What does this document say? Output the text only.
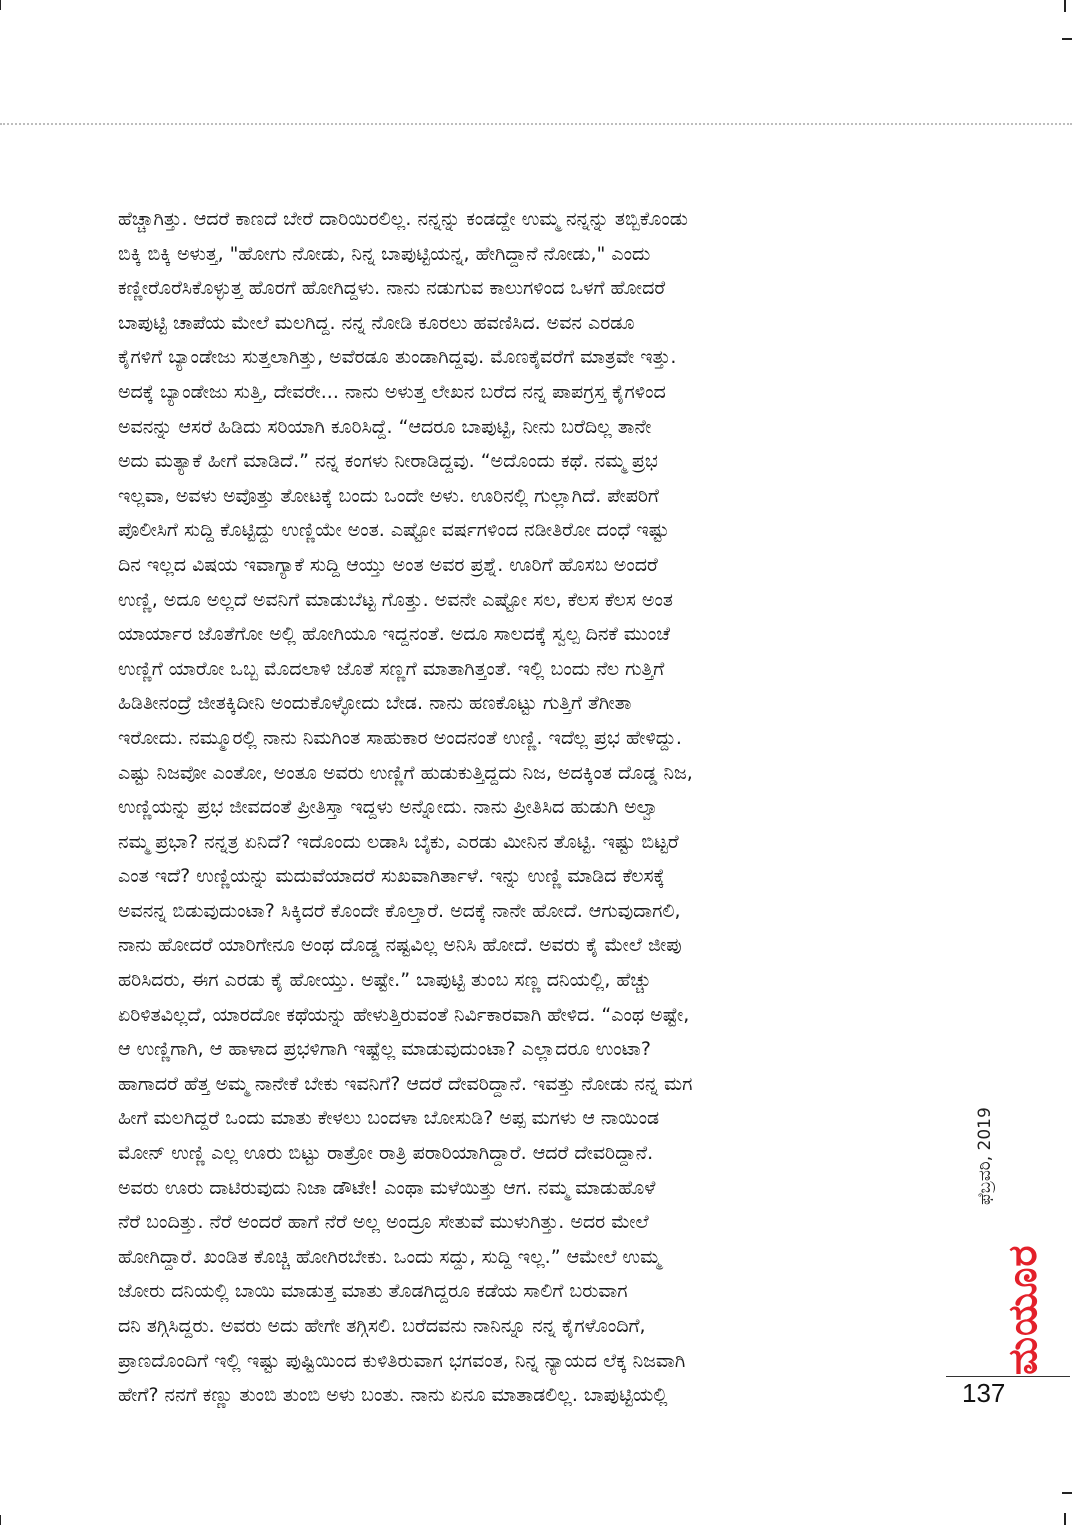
ಹೆಚ್ಚಾಗಿತ್ತು. ಆದರೆ ಕಾಣದೆ ಬೇರೆ ದಾರಿಯಿರಲಿಲ್ಲ. ನನ್ನನ್ನು ಕಂಡದ್ದೇ ಉಮ್ಮ ನನ್ನನ್ನು ತಬ್ಬಿಕೊಂಡು
ಬಿಕ್ಕಿ ಬಿಕ್ಕಿ ಅಳುತ್ತ, "ಹೋಗು ನೋಡು, ನಿನ್ನ ಬಾಪುಟ್ಟಿಯನ್ನ, ಹೇಗಿದ್ದಾನೆ ನೋಡು," ಎಂದು
ಕಣ್ಣೀರೊರೆಸಿಕೊಳ್ಳುತ್ತ ಹೊರಗೆ ಹೋಗಿದ್ದಳು. ನಾನು ನಡುಗುವ ಕಾಲುಗಳಿಂದ ಒಳಗೆ ಹೋದರೆ
ಬಾಪುಟ್ಟಿ ಚಾಪೆಯ ಮೇಲೆ ಮಲಗಿದ್ದ. ನನ್ನ ನೋಡಿ ಕೂರಲು ಹವಣಿಸಿದ. ಅವನ ಎರಡೂ
ಕೈಗಳಿಗೆ ಬ್ಯಾಂಡೇಜು ಸುತ್ತಲಾಗಿತ್ತು, ಅವೆರಡೂ ತುಂಡಾಗಿದ್ದವು. ಮೊಣಕೈವರೆಗೆ ಮಾತ್ರವೇ ಇತ್ತು.
ಅದಕ್ಕೆ ಬ್ಯಾಂಡೇಜು ಸುತ್ತಿ, ದೇವರೇ... ನಾನು ಅಳುತ್ತ ಲೇಖನ ಬರೆದ ನನ್ನ ಪಾಪಗ್ರಸ್ತ ಕೈಗಳಿಂದ
ಅವನನ್ನು ಆಸರೆ ಹಿಡಿದು ಸರಿಯಾಗಿ ಕೂರಿಸಿದ್ದೆ. “ಆದರೂ ಬಾಪುಟ್ಟಿ, ನೀನು ಬರೆದಿಲ್ಲ ತಾನೇ
ಅದು ಮತ್ಯಾಕೆ ಹೀಗೆ ಮಾಡಿದೆ.” ನನ್ನ ಕಂಗಳು ನೀರಾಡಿದ್ದವು. “ಅದೊಂದು ಕಥೆ. ನಮ್ಮ ಪ್ರಭ
ಇಲ್ಲವಾ, ಅವಳು ಅವೊತ್ತು ತೋಟಕ್ಕೆ ಬಂದು ಒಂದೇ ಅಳು. ಊರಿನಲ್ಲಿ ಗುಲ್ಲಾಗಿದೆ. ಪೇಪರಿಗೆ
ಪೊಲೀಸಿಗೆ ಸುದ್ದಿ ಕೊಟ್ಟಿದ್ದು ಉಣ್ಣಿಯೇ ಅಂತ. ಎಷ್ಟೋ ವರ್ಷಗಳಿಂದ ನಡೀತಿರೋ ದಂಧೆ ಇಷ್ಟು
ದಿನ ಇಲ್ಲದ ವಿಷಯ ಇವಾಗ್ಯಾಕೆ ಸುದ್ದಿ ಆಯ್ತು ಅಂತ ಅವರ ಪ್ರಶ್ನೆ. ಊರಿಗೆ ಹೊಸಬ ಅಂದರೆ
ಉಣ್ಣಿ, ಅದೂ ಅಲ್ಲದೆ ಅವನಿಗೆ ಮಾಡುಬೆಟ್ಟ ಗೊತ್ತು. ಅವನೇ ಎಷ್ಟೋ ಸಲ, ಕೆಲಸ ಕೆಲಸ ಅಂತ
ಯಾರ್ಯಾರ ಜೊತೆಗೋ ಅಲ್ಲಿ ಹೋಗಿಯೂ ಇದ್ದನಂತೆ. ಅದೂ ಸಾಲದಕ್ಕೆ ಸ್ವಲ್ಪ ದಿನಕೆ ಮುಂಚೆ
ಉಣ್ಣಿಗೆ ಯಾರೋ ಒಬ್ಬ ಮೊದಲಾಳಿ ಜೊತೆ ಸಣ್ಣಗೆ ಮಾತಾಗಿತ್ತಂತೆ. ಇಲ್ಲಿ ಬಂದು ನೆಲ ಗುತ್ತಿಗೆ
ಹಿಡಿತೀನಂದ್ರೆ ಜೀತಕ್ಕಿದೀನಿ ಅಂದುಕೊಳ್ಳೋದು ಬೇಡ. ನಾನು ಹಣಕೊಟ್ಟು ಗುತ್ತಿಗೆ ತೆಗೀತಾ
ಇರೋದು. ನಮ್ಮೂರಲ್ಲಿ ನಾನು ನಿಮಗಿಂತ ಸಾಹುಕಾರ ಅಂದನಂತೆ ಉಣ್ಣಿ. ಇದೆಲ್ಲ ಪ್ರಭ ಹೇಳಿದ್ದು.
ಎಷ್ಟು ನಿಜವೋ ಎಂತೋ, ಅಂತೂ ಅವರು ಉಣ್ಣಿಗೆ ಹುಡುಕುತ್ತಿದ್ದದು ನಿಜ, ಅದಕ್ಕಿಂತ ದೊಡ್ಡ ನಿಜ,
ಉಣ್ಣಿಯನ್ನು ಪ್ರಭ ಜೀವದಂತೆ ಪ್ರೀತಿಸ್ತಾ ಇದ್ದಳು ಅನ್ನೋದು. ನಾನು ಪ್ರೀತಿಸಿದ ಹುಡುಗಿ ಅಲ್ವಾ
ನಮ್ಮ ಪ್ರಭಾ? ನನ್ನತ್ರ ಏನಿದೆ? ಇದೊಂದು ಲಡಾಸಿ ಬೈಕು, ಎರಡು ಮೀನಿನ ತೊಟ್ಟಿ. ಇಷ್ಟು ಬಿಟ್ಟರೆ
ಎಂತ ಇದೆ? ಉಣ್ಣಿಯನ್ನು ಮದುವೆಯಾದರೆ ಸುಖವಾಗಿರ್ತಾಳೆ. ಇನ್ನು ಉಣ್ಣಿ ಮಾಡಿದ ಕೆಲಸಕ್ಕೆ
ಅವನನ್ನ ಬಿಡುವುದುಂಟಾ? ಸಿಕ್ಕಿದರೆ ಕೊಂದೇ ಕೊಲ್ತಾರೆ. ಅದಕ್ಕೆ ನಾನೇ ಹೋದೆ. ಆಗುವುದಾಗಲಿ,
ನಾನು ಹೋದರೆ ಯಾರಿಗೇನೂ ಅಂಥ ದೊಡ್ಡ ನಷ್ಟವಿಲ್ಲ ಅನಿಸಿ ಹೋದೆ. ಅವರು ಕೈ ಮೇಲೆ ಜೀಪು
ಹರಿಸಿದರು, ಈಗ ಎರಡು ಕೈ ಹೋಯ್ತು. ಅಷ್ಟೇ.” ಬಾಪುಟ್ಟಿ ತುಂಬ ಸಣ್ಣ ದನಿಯಲ್ಲಿ, ಹೆಚ್ಚು
ಏರಿಳಿತವಿಲ್ಲದೆ, ಯಾರದೋ ಕಥೆಯನ್ನು ಹೇಳುತ್ತಿರುವಂತೆ ನಿರ್ವಿಕಾರವಾಗಿ ಹೇಳಿದ. “ಎಂಥ ಅಷ್ಟೇ,
ಆ ಉಣ್ಣಿಗಾಗಿ, ಆ ಹಾಳಾದ ಪ್ರಭಳಿಗಾಗಿ ಇಷ್ಟೆಲ್ಲ ಮಾಡುವುದುಂಟಾ? ಎಲ್ಲಾದರೂ ಉಂಟಾ?
ಹಾಗಾದರೆ ಹೆತ್ತ ಅಮ್ಮ ನಾನೇಕೆ ಬೇಕು ಇವನಿಗೆ? ಆದರೆ ದೇವರಿದ್ದಾನೆ. ಇವತ್ತು ನೋಡು ನನ್ನ ಮಗ
ಹೀಗೆ ಮಲಗಿದ್ದರೆ ಒಂದು ಮಾತು ಕೇಳಲು ಬಂದಳಾ ಬೋಸುಡಿ? ಅಪ್ಪ ಮಗಳು ಆ ನಾಯಿಂಡ
ಮೋನ್ ಉಣ್ಣಿ ಎಲ್ಲ ಊರು ಬಿಟ್ಟು ರಾತ್ರೋ ರಾತ್ರಿ ಪರಾರಿಯಾಗಿದ್ದಾರೆ. ಆದರೆ ದೇವರಿದ್ದಾನೆ.
ಅವರು ಊರು ದಾಟಿರುವುದು ನಿಜಾ ಡೌಟೇ! ಎಂಥಾ ಮಳೆಯಿತ್ತು ಆಗ. ನಮ್ಮ ಮಾಡುಹೊಳೆ
ನೆರೆ ಬಂದಿತ್ತು. ನೆರೆ ಅಂದರೆ ಹಾಗೆ ನೆರೆ ಅಲ್ಲ ಅಂದ್ರೂ ಸೇತುವೆ ಮುಳುಗಿತ್ತು. ಅದರ ಮೇಲೆ
ಹೋಗಿದ್ದಾರೆ. ಖಂಡಿತ ಕೊಚ್ಚಿ ಹೋಗಿರಬೇಕು. ಒಂದು ಸದ್ದು, ಸುದ್ದಿ ಇಲ್ಲ.” ಆಮೇಲೆ ಉಮ್ಮ
ಜೋರು ದನಿಯಲ್ಲಿ ಬಾಯಿ ಮಾಡುತ್ತ ಮಾತು ತೊಡಗಿದ್ದರೂ ಕಡೆಯ ಸಾಲಿಗೆ ಬರುವಾಗ
ದನಿ ತಗ್ಗಿಸಿದ್ದರು. ಅವರು ಅದು ಹೇಗೇ ತಗ್ಗಿಸಲಿ. ಬರೆದವನು ನಾನಿನ್ನೂ ನನ್ನ ಕೈಗಳೊಂದಿಗೆ,
ಪ್ರಾಣದೊಂದಿಗೆ ಇಲ್ಲಿ ಇಷ್ಟು ಪುಷ್ಟಿಯಿಂದ ಕುಳಿತಿರುವಾಗ ಭಗವಂತ, ನಿನ್ನ ನ್ಯಾಯದ ಲೆಕ್ಕ ನಿಜವಾಗಿ
ಹೇಗೆ? ನನಗೆ ಕಣ್ಣು ತುಂಬಿ ತುಂಬಿ ಅಳು ಬಂತು. ನಾನು ಏನೂ ಮಾತಾಡಲಿಲ್ಲ. ಬಾಪುಟ್ಟಿಯಲ್ಲಿ
ಫೆಬ್ರವರಿ, 2019
ಮಯೂರ
137
